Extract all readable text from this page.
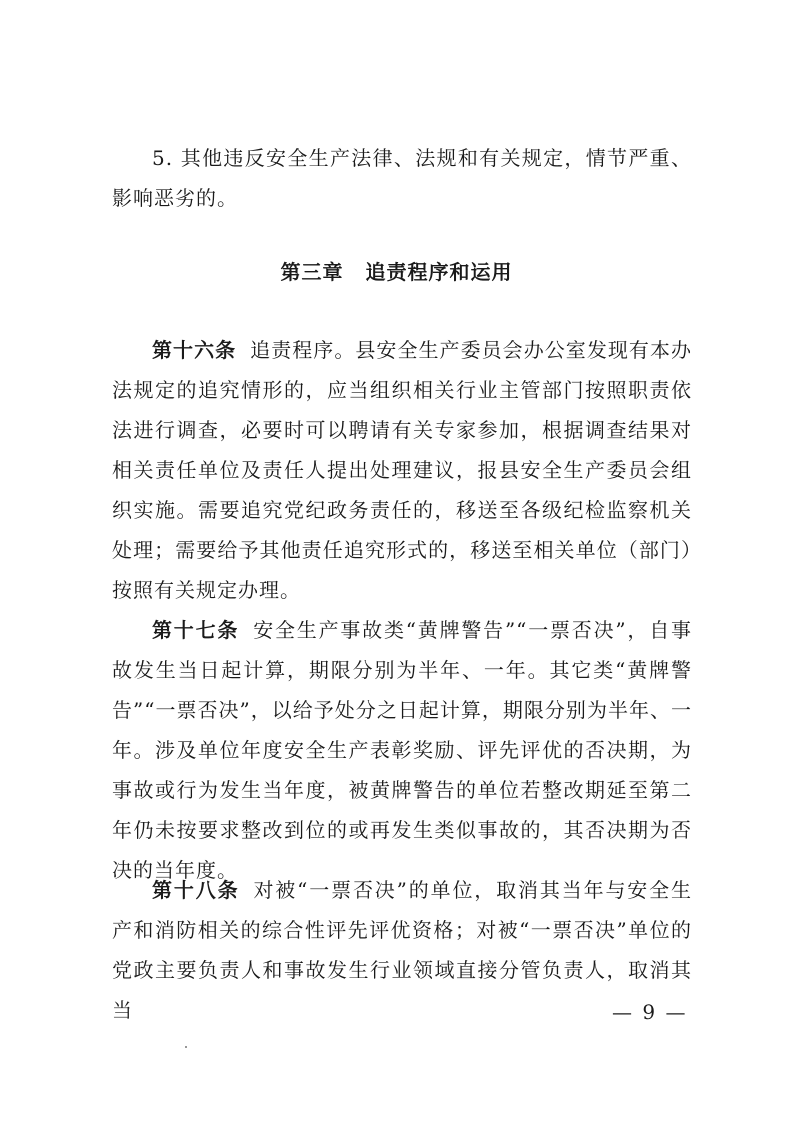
5. 其他违反安全生产法律、法规和有关规定，情节严重、影响恶劣的。

第三章 追责程序和运用

第十六条 追责程序。县安全生产委员会办公室发现有本办法规定的追究情形的，应当组织相关行业主管部门按照职责依法进行调查，必要时可以聘请有关专家参加，根据调查结果对相关责任单位及责任人提出处理建议，报县安全生产委员会组织实施。需要追究党纪政务责任的，移送至各级纪检监察机关处理；需要给予其他责任追究形式的，移送至相关单位（部门）按照有关规定办理。

第十七条 安全生产事故类“黄牌警告”“一票否决”，自事故发生当日起计算，期限分别为半年、一年。其它类“黄牌警告”“一票否决”，以给予处分之日起计算，期限分别为半年、一年。涉及单位年度安全生产表彰奖励、评先评优的否决期，为事故或行为发生当年度，被黄牌警告的单位若整改期延至第二年仍未按要求整改到位的或再发生类似事故的，其否决期为否决的当年度。

第十八条 对被“一票否决”的单位，取消其当年与安全生产和消防相关的综合性评先评优资格；对被“一票否决”单位的党政主要负责人和事故发生行业领域直接分管负责人，取消其当	— 9 —
